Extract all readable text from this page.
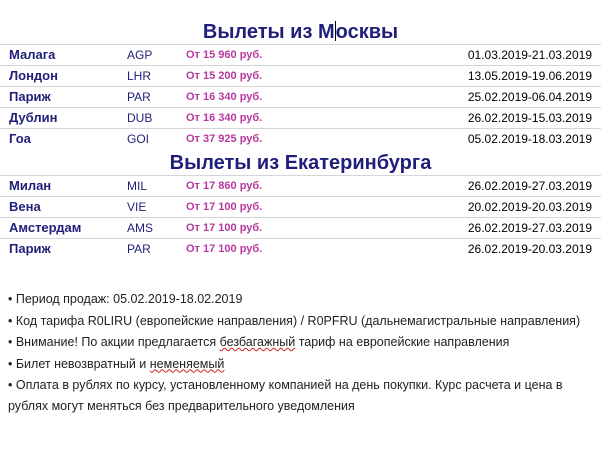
Вылеты из Москвы
Малага	AGP	От 15 960 руб.	01.03.2019-21.03.2019
Лондон	LHR	От 15 200 руб.	13.05.2019-19.06.2019
Париж	PAR	От 16 340 руб.	25.02.2019-06.04.2019
Дублин	DUB	От 16 340 руб.	26.02.2019-15.03.2019
Гоа	GOI	От 37 925 руб.	05.02.2019-18.03.2019
Вылеты из Екатеринбурга
Милан	MIL	От 17 860 руб.	26.02.2019-27.03.2019
Вена	VIE	От 17 100 руб.	20.02.2019-20.03.2019
Амстердам	AMS	От 17 100 руб.	26.02.2019-27.03.2019
Париж	PAR	От 17 100 руб.	26.02.2019-20.03.2019
• Период продаж: 05.02.2019-18.02.2019
• Код тарифа R0LIRU (европейские направления) / R0PFRU (дальнемагистральные направления)
• Внимание! По акции предлагается безбагажный тариф на европейские направления
• Билет невозвратный и неменяемый
• Оплата в рублях по курсу, установленному компанией на день покупки. Курс расчета и цена в рублях могут меняться без предварительного уведомления
